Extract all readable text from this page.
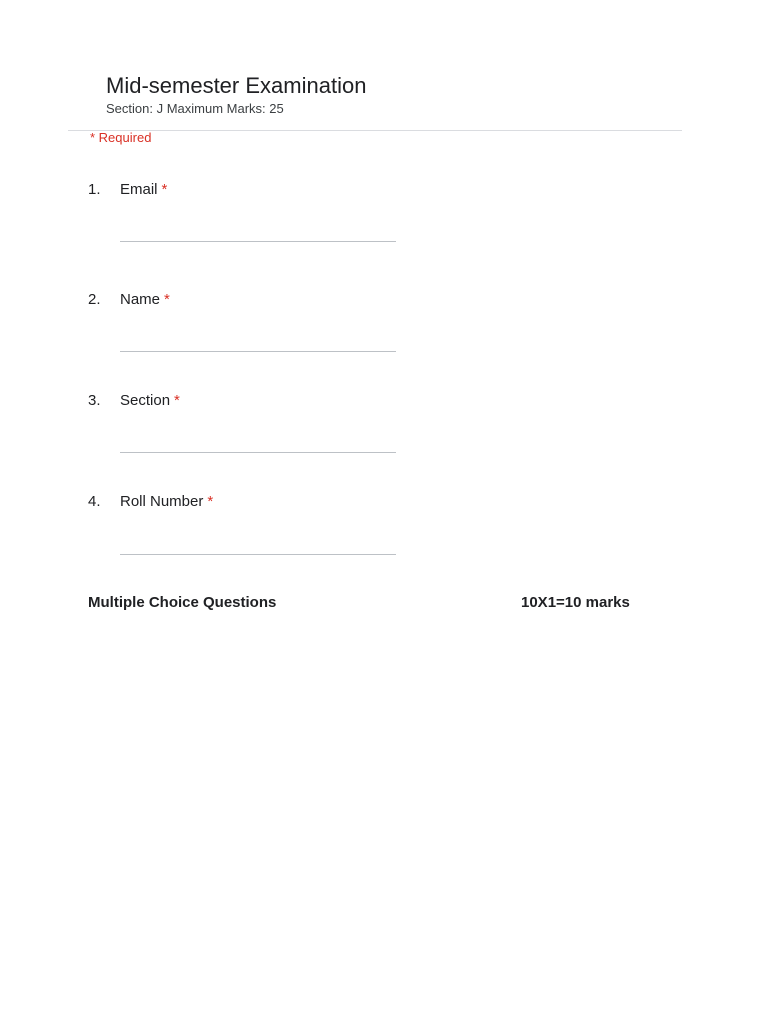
Mid-semester Examination
Section: J Maximum Marks: 25
* Required
1. Email *
2. Name *
3. Section *
4. Roll Number *
Multiple Choice Questions	10X1=10 marks
